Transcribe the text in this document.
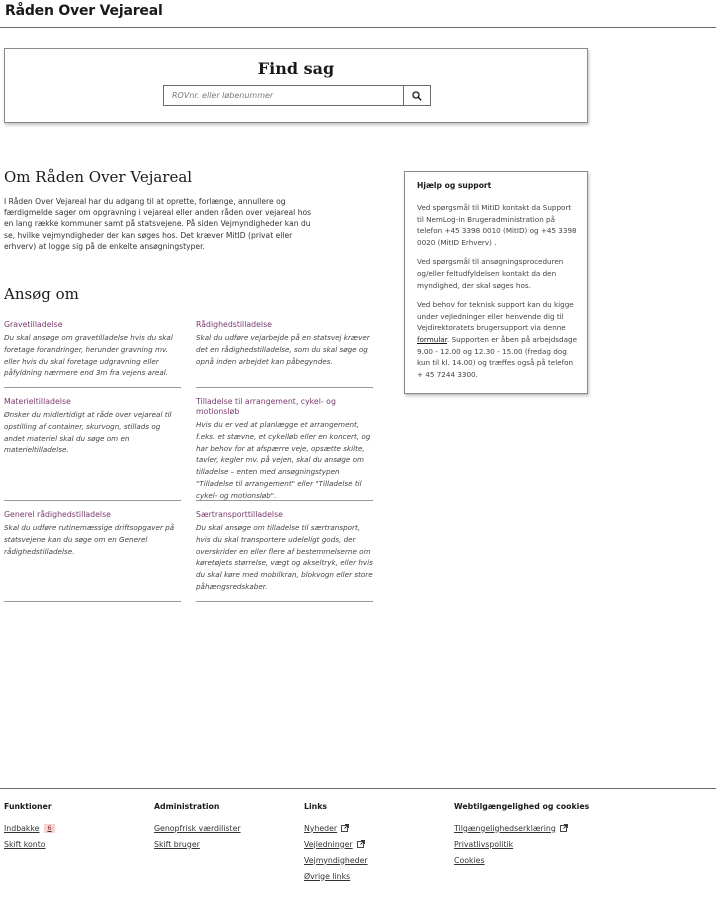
Råden Over Vejareal
Find sag
ROVnr. eller løbenummer
Om Råden Over Vejareal

I Råden Over Vejareal har du adgang til at oprette, forlænge, annullere og færdigmelde sager om opgravning i vejareal eller anden råden over vejareal hos en lang række kommuner samt på statsvejene. På siden Vejmyndigheder kan du se, hvilke vejmyndigheder der kan søges hos. Det kræver MitID (privat eller erhverv) at logge sig på de enkelte ansøgningstyper.

Ansøg om
Gravetilladelse

Du skal ansøge om gravetilladelse hvis du skal foretage forandringer, herunder gravning mv. eller hvis du skal foretage udgravning eller påfyldning nærmere end 3m fra vejens areal.

Rådighedstilladelse

Skal du udføre vejarbejde på en statsvej kræver det en rådighedstilladelse, som du skal søge og opnå inden arbejdet kan påbegyndes.

Materieltilladelse

Ønsker du midlertidigt at råde over vejareal til opstilling af container, skurvogn, stillads og andet materiel skal du søge om en materieltilladelse.

Tilladelse til arrangement, cykel- og motionsløb

Hvis du er ved at planlægge et arrangement, f.eks. et stævne, et cykelløb eller en koncert, og har behov for at afspærre veje, opsætte skilte, tavler, kegler mv. på vejen, skal du ansøge om tilladelse – enten med ansøgningstypen "Tilladelse til arrangement" eller "Tilladelse til cykel- og motionsløb".

Generel rådighedstilladelse

Skal du udføre rutinemæssige driftsopgaver på statsvejene kan du søge om en Generel rådighedstilladelse.

Særtransporttilladelse

Du skal ansøge om tilladelse til særtransport, hvis du skal transportere udelelígt gods, der overskrider en eller flere af bestemmelserne om køretøjets størrelse, vægt og akseltryk, eller hvis du skal køre med mobilkran, blokvogn eller store påhængsredskaber.

Hjælp og support

Ved spørgsmål til MitID kontakt da Support til NemLog-in Brugeradministration på telefon +45 3398 0010 (MitID) og +45 3398 0020 (MitID Erhverv) .

Ved spørgsmål til ansøgningsproceduren og/eller feltudfyldelsen kontakt da den myndighed, der skal søges hos.

Ved behov for teknisk support kan du kigge under vejledninger eller henvende dig til Vejdirektoratets brugersupport via denne formular. Supporten er åben på arbejdsdage 9.00 - 12.00 og 12.30 - 15.00 (fredag dog kun til kl. 14.00) og træffes også på telefon + 45 7244 3300.

Funktioner
Indbakke	6
Skift konto
Administration
Genopfrisk værdilister
Skift bruger
Links
Nyheder
Vejledninger
Vejmyndigheder
Øvrige links
Webtilgængelighed og cookies
Tilgængelighedserklæring
Privatlivspolitik
Cookies
